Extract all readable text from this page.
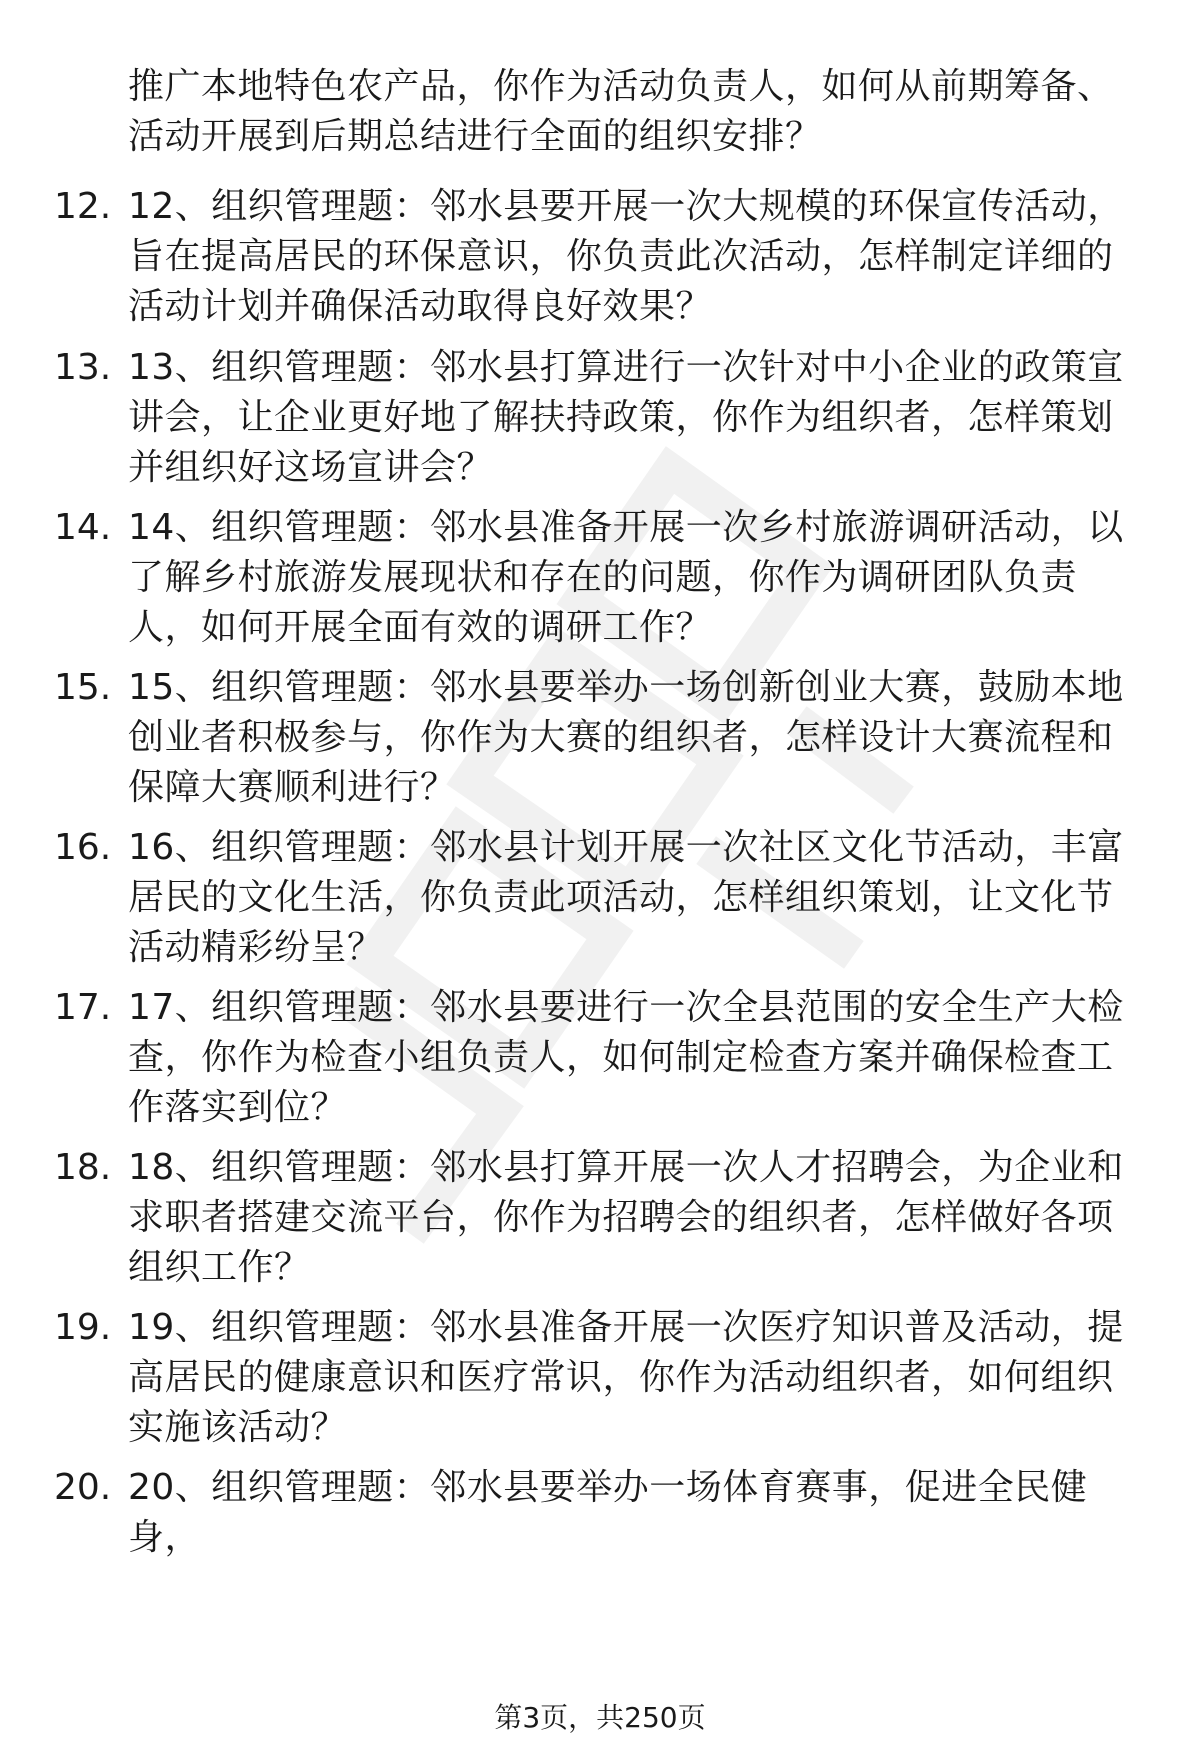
推广本地特色农产品，你作为活动负责人，如何从前期筹备、活动开展到后期总结进行全面的组织安排？
12. 12、组织管理题：邻水县要开展一次大规模的环保宣传活动，旨在提高居民的环保意识，你负责此次活动，怎样制定详细的活动计划并确保活动取得良好效果？
13. 13、组织管理题：邻水县打算进行一次针对中小企业的政策宣讲会，让企业更好地了解扶持政策，你作为组织者，怎样策划并组织好这场宣讲会？
14. 14、组织管理题：邻水县准备开展一次乡村旅游调研活动，以了解乡村旅游发展现状和存在的问题，你作为调研团队负责人，如何开展全面有效的调研工作？
15. 15、组织管理题：邻水县要举办一场创新创业大赛，鼓励本地创业者积极参与，你作为大赛的组织者，怎样设计大赛流程和保障大赛顺利进行？
16. 16、组织管理题：邻水县计划开展一次社区文化节活动，丰富居民的文化生活，你负责此项活动，怎样组织策划，让文化节活动精彩纷呈？
17. 17、组织管理题：邻水县要进行一次全县范围的安全生产大检查，你作为检查小组负责人，如何制定检查方案并确保检查工作落实到位？
18. 18、组织管理题：邻水县打算开展一次人才招聘会，为企业和求职者搭建交流平台，你作为招聘会的组织者，怎样做好各项组织工作？
19. 19、组织管理题：邻水县准备开展一次医疗知识普及活动，提高居民的健康意识和医疗常识，你作为活动组织者，如何组织实施该活动？
20. 20、组织管理题：邻水县要举办一场体育赛事，促进全民健身，
第3页，共250页
